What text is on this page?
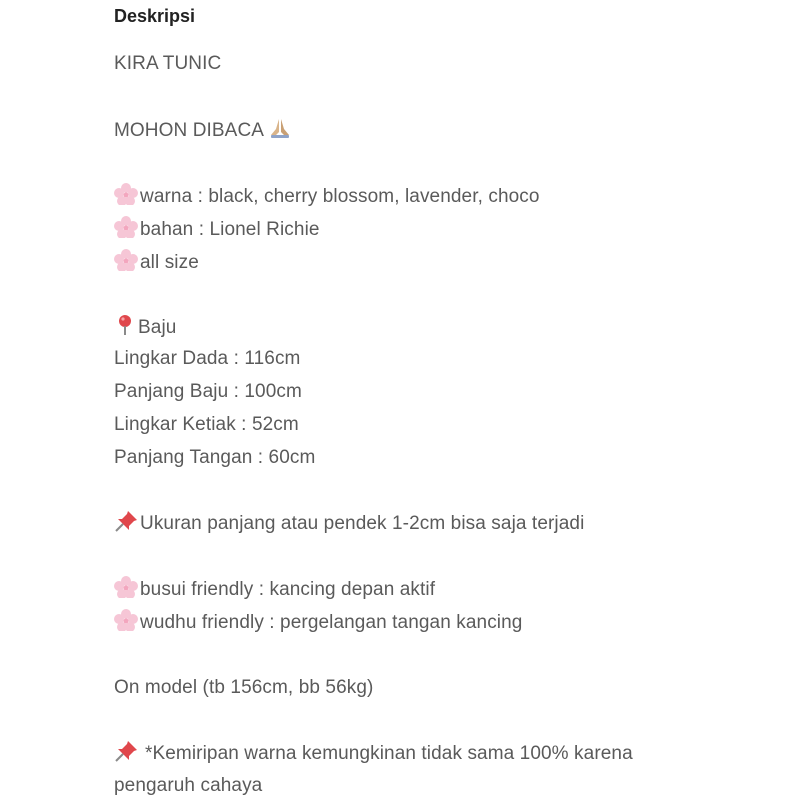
Deskripsi
KIRA TUNIC
MOHON DIBACA
warna : black, cherry blossom, lavender, choco
bahan : Lionel Richie
all size
Baju
Lingkar Dada : 116cm
Panjang Baju : 100cm
Lingkar Ketiak : 52cm
Panjang Tangan : 60cm
Ukuran panjang atau pendek 1-2cm bisa saja terjadi
busui friendly : kancing depan aktif
wudhu friendly : pergelangan tangan kancing
On model (tb 156cm, bb 56kg)
*Kemiripan warna kemungkinan tidak sama 100% karena
pengaruh cahaya
